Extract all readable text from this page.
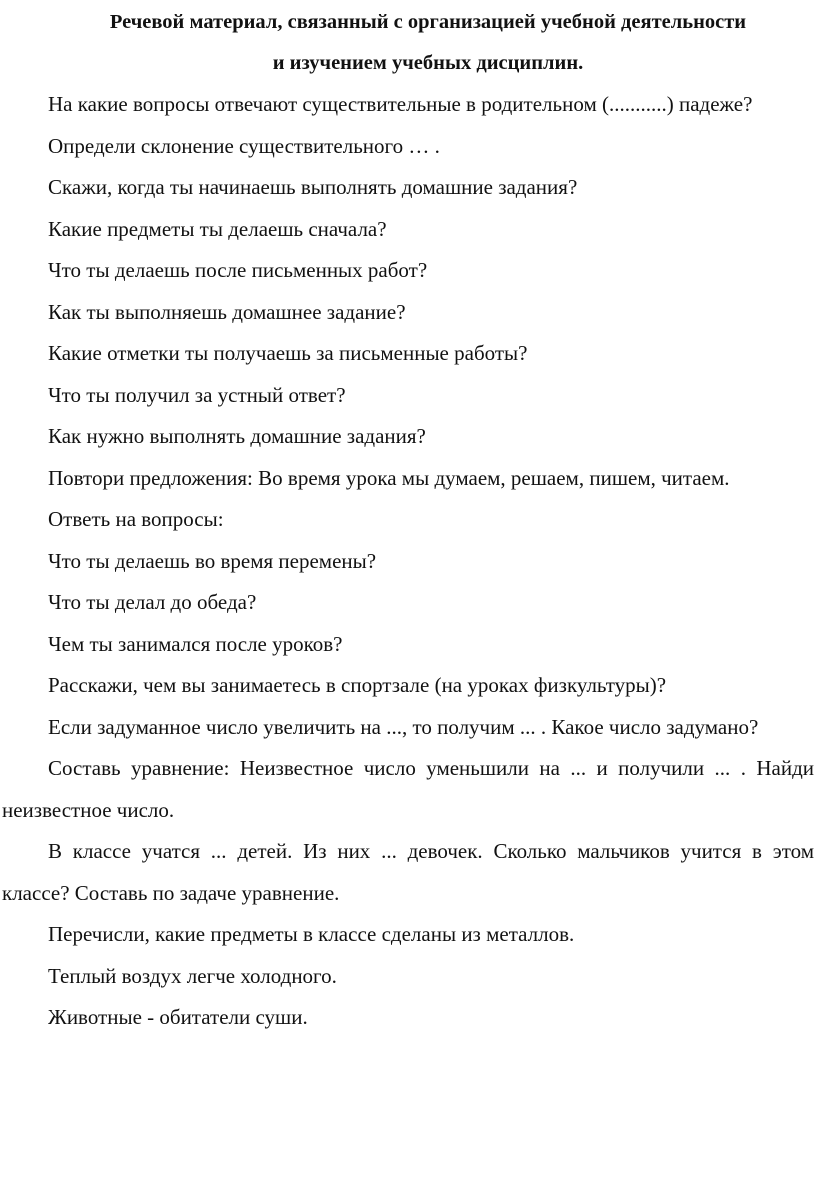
Речевой материал, связанный с организацией учебной деятельности
и изучением учебных дисциплин.

На какие вопросы отвечают существительные в родительном (...........) падеже?

Определи склонение существительного … .

Скажи, когда ты начинаешь выполнять домашние задания?

Какие предметы ты делаешь сначала?

Что ты делаешь после письменных работ?

Как ты выполняешь домашнее задание?

Какие отметки ты получаешь за письменные работы?

Что ты получил за устный ответ?

Как нужно выполнять домашние задания?

Повтори предложения: Во время урока мы думаем, решаем, пишем, читаем.

Ответь на вопросы:

Что ты делаешь во время перемены?

Что ты делал до обеда?

Чем ты занимался после уроков?

Расскажи, чем вы занимаетесь в спортзале (на уроках физкультуры)?

Если задуманное число увеличить на ..., то получим ... . Какое число задумано?

Составь уравнение: Неизвестное число уменьшили на ... и получили ... . Найди неизвестное число.

В классе учатся ... детей. Из них ... девочек. Сколько мальчиков учится в этом классе? Составь по задаче уравнение.

Перечисли, какие предметы в классе сделаны из металлов.

Теплый воздух легче холодного.

Животные - обитатели суши.
